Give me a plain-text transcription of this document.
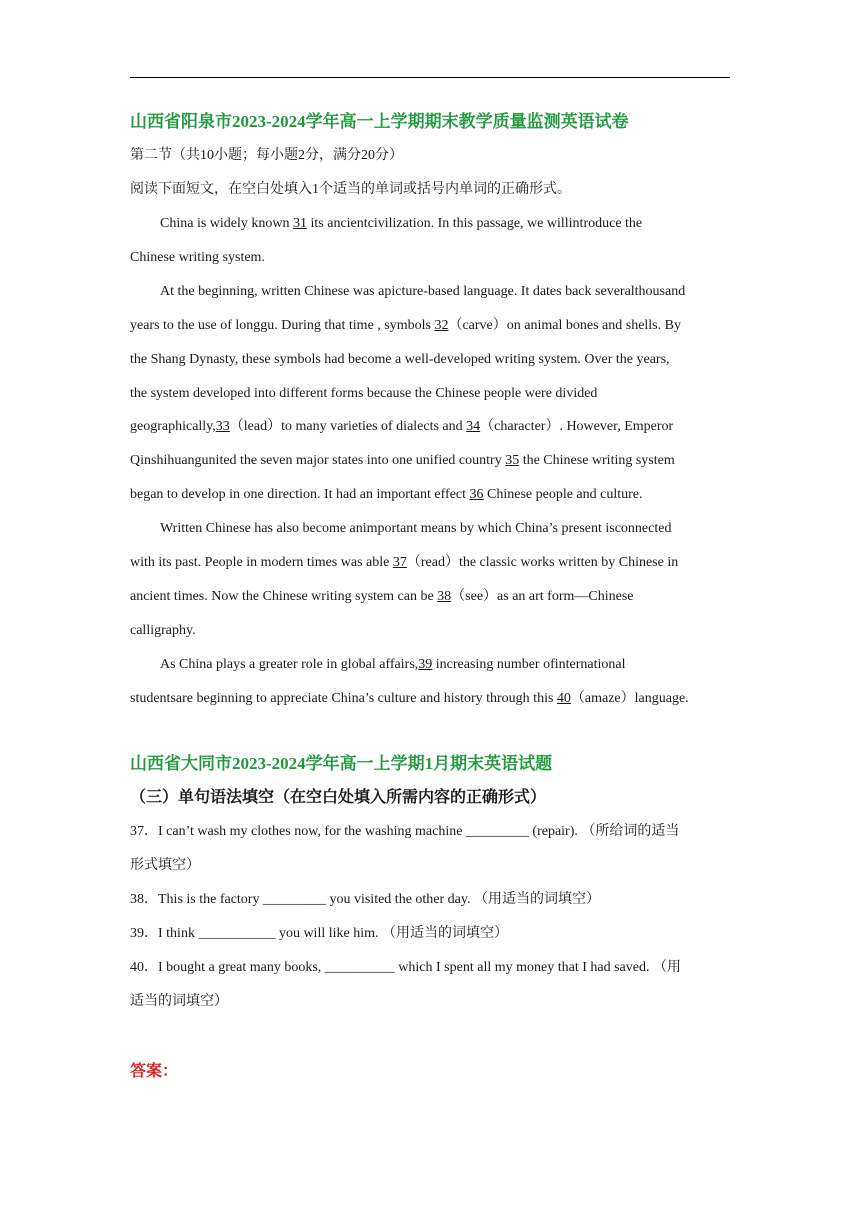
山西省阳泉市2023-2024学年高一上学期期末教学质量监测英语试卷
第二节（共10小题；每小题2分，满分20分）
阅读下面短文，在空白处填入1个适当的单词或括号内单词的正确形式。
China is widely known 31 its ancientcivilization. In this passage, we willintroduce the
Chinese writing system.
At the beginning, written Chinese was apicture-based language. It dates back severalthousand
years to the use of longgu. During that time , symbols 32（carve）on animal bones and shells. By
the Shang Dynasty, these symbols had become a well-developed writing system. Over the years,
the system developed into different forms because the Chinese people were divided
geographically,33（lead）to many varieties of dialects and 34（character）. However, Emperor
Qinshihuangunited the seven major states into one unified country 35 the Chinese writing system
began to develop in one direction. It had an important effect 36 Chinese people and culture.
Written Chinese has also become animportant means by which China’s present isconnected
with its past. People in modern times was able 37（read）the classic works written by Chinese in
ancient times. Now the Chinese writing system can be 38（see）as an art form—Chinese
calligraphy.
As China plays a greater role in global affairs,39 increasing number ofinternational
studentsare beginning to appreciate China’s culture and history through this 40（amaze）language.
山西省大同市2023-2024学年高一上学期1月期末英语试题
（三）单句语法填空（在空白处填入所需内容的正确形式）
37．I can’t wash my clothes now, for the washing machine _________ (repair). （所给词的适当
形式填空）
38．This is the factory _________ you visited the other day. （用适当的词填空）
39．I think ___________ you will like him. （用适当的词填空）
40．I bought a great many books, __________ which I spent all my money that I had saved. （用
适当的词填空）
答案：
